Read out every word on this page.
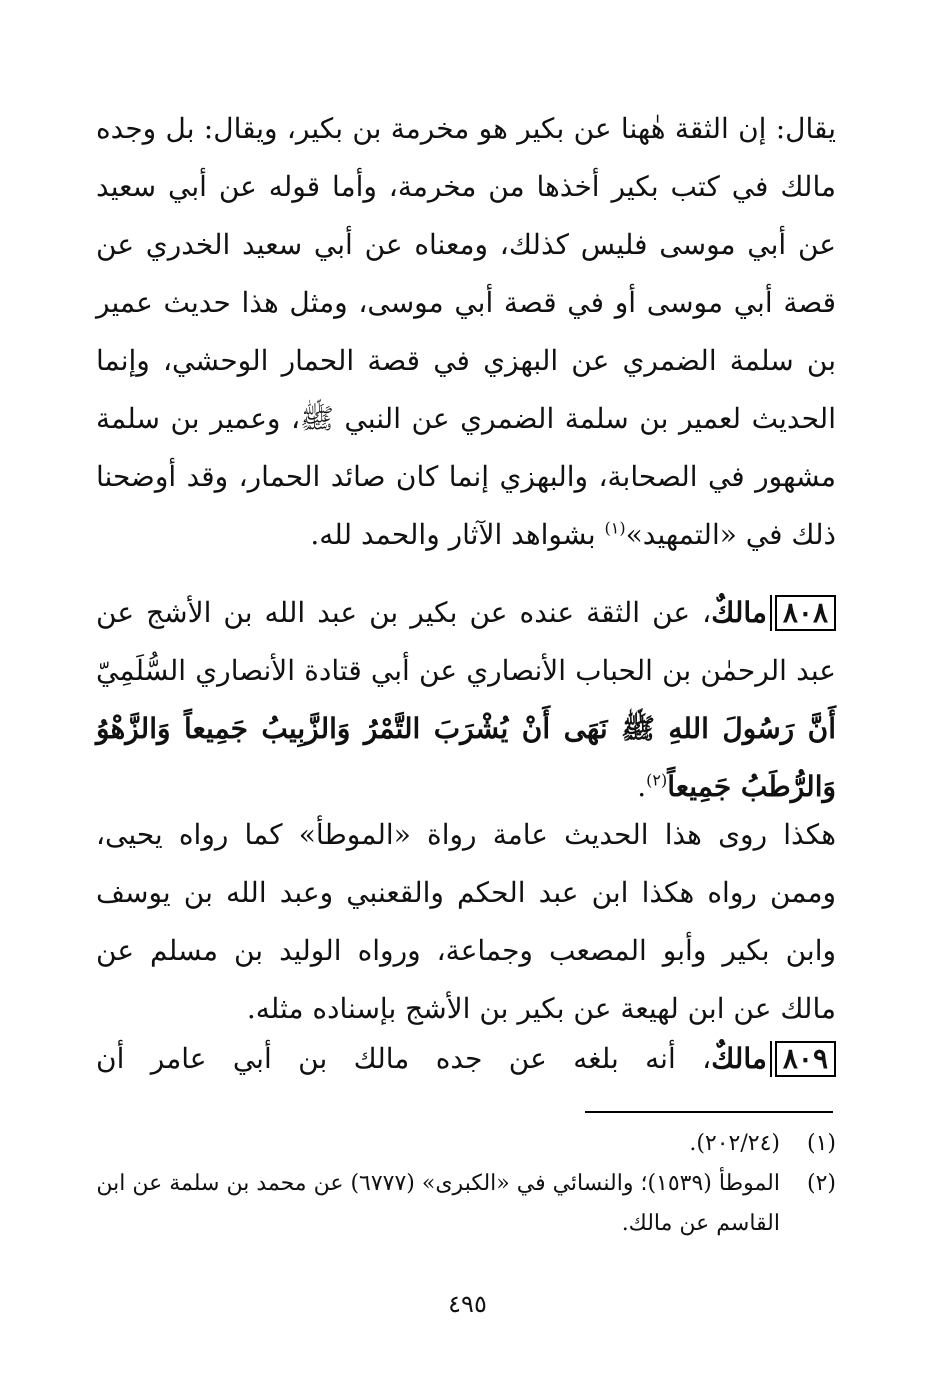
يقال: إن الثقة هٰهنا عن بكير هو مخرمة بن بكير، ويقال: بل وجده مالك في كتب بكير أخذها من مخرمة، وأما قوله عن أبي سعيد عن أبي موسى فليس كذلك، ومعناه عن أبي سعيد الخدري عن قصة أبي موسى أو في قصة أبي موسى، ومثل هذا حديث عمير بن سلمة الضمري عن البهزي في قصة الحمار الوحشي، وإنما الحديث لعمير بن سلمة الضمري عن النبي ﷺ، وعمير بن سلمة مشهور في الصحابة، والبهزي إنما كان صائد الحمار، وقد أوضحنا ذلك في «التمهيد»$^{(١)}$ بشواهد الآثار والحمد لله.
٨٠٨مالكٌ، عن الثقة عنده عن بكير بن عبد الله بن الأشج عن عبد الرحمٰن بن الحباب الأنصاري عن أبي قتادة الأنصاري السُّلَمِيّ أَنَّ رَسُولَ اللهِ ﷺ نَهَى أَنْ يُشْرَبَ التَّمْرُ وَالزَّبِيبُ جَمِيعاً وَالزَّهْوُ وَالرُّطَبُ جَمِيعاً$^{(٢)}$.
هكذا روى هذا الحديث عامة رواة «الموطأ» كما رواه يحيى، وممن رواه هكذا ابن عبد الحكم والقعنبي وعبد الله بن يوسف وابن بكير وأبو المصعب وجماعة، ورواه الوليد بن مسلم عن مالك عن ابن لهيعة عن بكير بن الأشج بإسناده مثله.
٨٠٩مالكٌ، أنه بلغه عن جده مالك بن أبي عامر أن
(١)
(٢٠٢/٢٤).
(٢)
الموطأ (١٥٣٩)؛ والنسائي في «الكبرى» (٦٧٧٧) عن محمد بن سلمة عن ابن القاسم عن مالك.
٤٩٥
